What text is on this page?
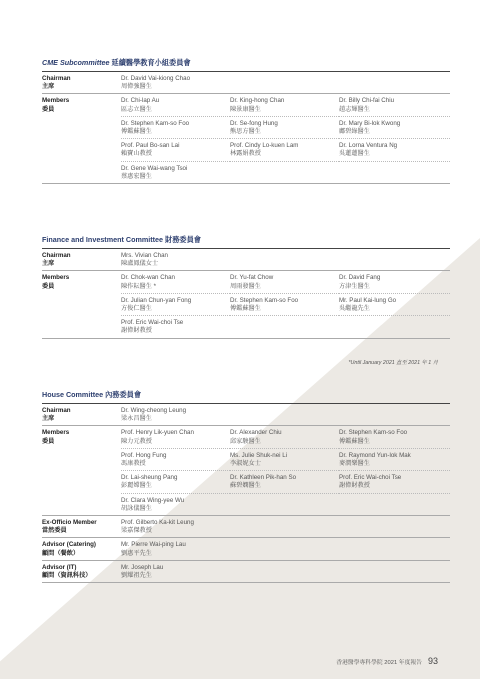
CME Subcommittee 延續醫學教育小組委員會
Chairman
主席
Dr. David Vai-kiong Chao
周偉強醫生
Members
委員
Dr. Chi-lap Au
區志立醫生
Dr. King-hong Chan
陳景康醫生
Dr. Billy Chi-fai Chiu
趙志輝醫生
Dr. Stephen Kam-so Foo
傅鑑蘇醫生
Dr. Se-fong Hung
熊思方醫生
Dr. Mary Bi-lok Kwong
鄺碧綠醫生
Prof. Paul Bo-san Lai
賴寶山教授
Prof. Cindy Lo-kuen Lam
林露娟教授
Dr. Lorna Ventura Ng
吳蓮蓮醫生
Dr. Gene Wai-wang Tsoi
蔡惠宏醫生
Finance and Investment Committee 財務委員會
Chairman
主席
Mrs. Vivian Chan
陳盧鳳儀女士
Members
委員
Dr. Chok-wan Chan
陳作耘醫生 *
Dr. Yu-fat Chow
周雨發醫生
Dr. David Fang
方津生醫生
Dr. Julian Chun-yan Fong
方俊仁醫生
Dr. Stephen Kam-so Foo
傅鑑蘇醫生
Mr. Paul Kai-lung Go
吳繼龍先生
Prof. Eric Wai-choi Tse
謝偉財教授
*Until January 2021 直至 2021 年 1 月
House Committee 內務委員會
Chairman
主席
Dr. Wing-cheong Leung
梁永昌醫生
Members
委員
Prof. Henry Lik-yuen Chan
陳力元教授
Dr. Alexander Chiu
邱家駿醫生
Dr. Stephen Kam-so Foo
傅鑑蘇醫生
Prof. Hong Fung
馮康教授
Ms. Julie Shuk-nei Li
李淑妮女士
Dr. Raymond Yun-lok Mak
麥潤樂醫生
Dr. Lai-sheung Pang
彭麗嫦醫生
Dr. Kathleen Pik-han So
蘇碧嫻醫生
Prof. Eric Wai-choi Tse
謝偉財教授
Dr. Clara Wing-yee Wu
胡詠儀醫生
Ex-Officio Member
當然委員
Prof. Gilberto Ka-kit Leung
梁嘉傑教授
Advisor (Catering)
顧問（餐飲）
Mr. Pierre Wai-ping Lau
劉惠平先生
Advisor (IT)
顧問（資訊科技）
Mr. Joseph Lau
劉耀祖先生
香港醫學專科學院 2021 年度報告 93
